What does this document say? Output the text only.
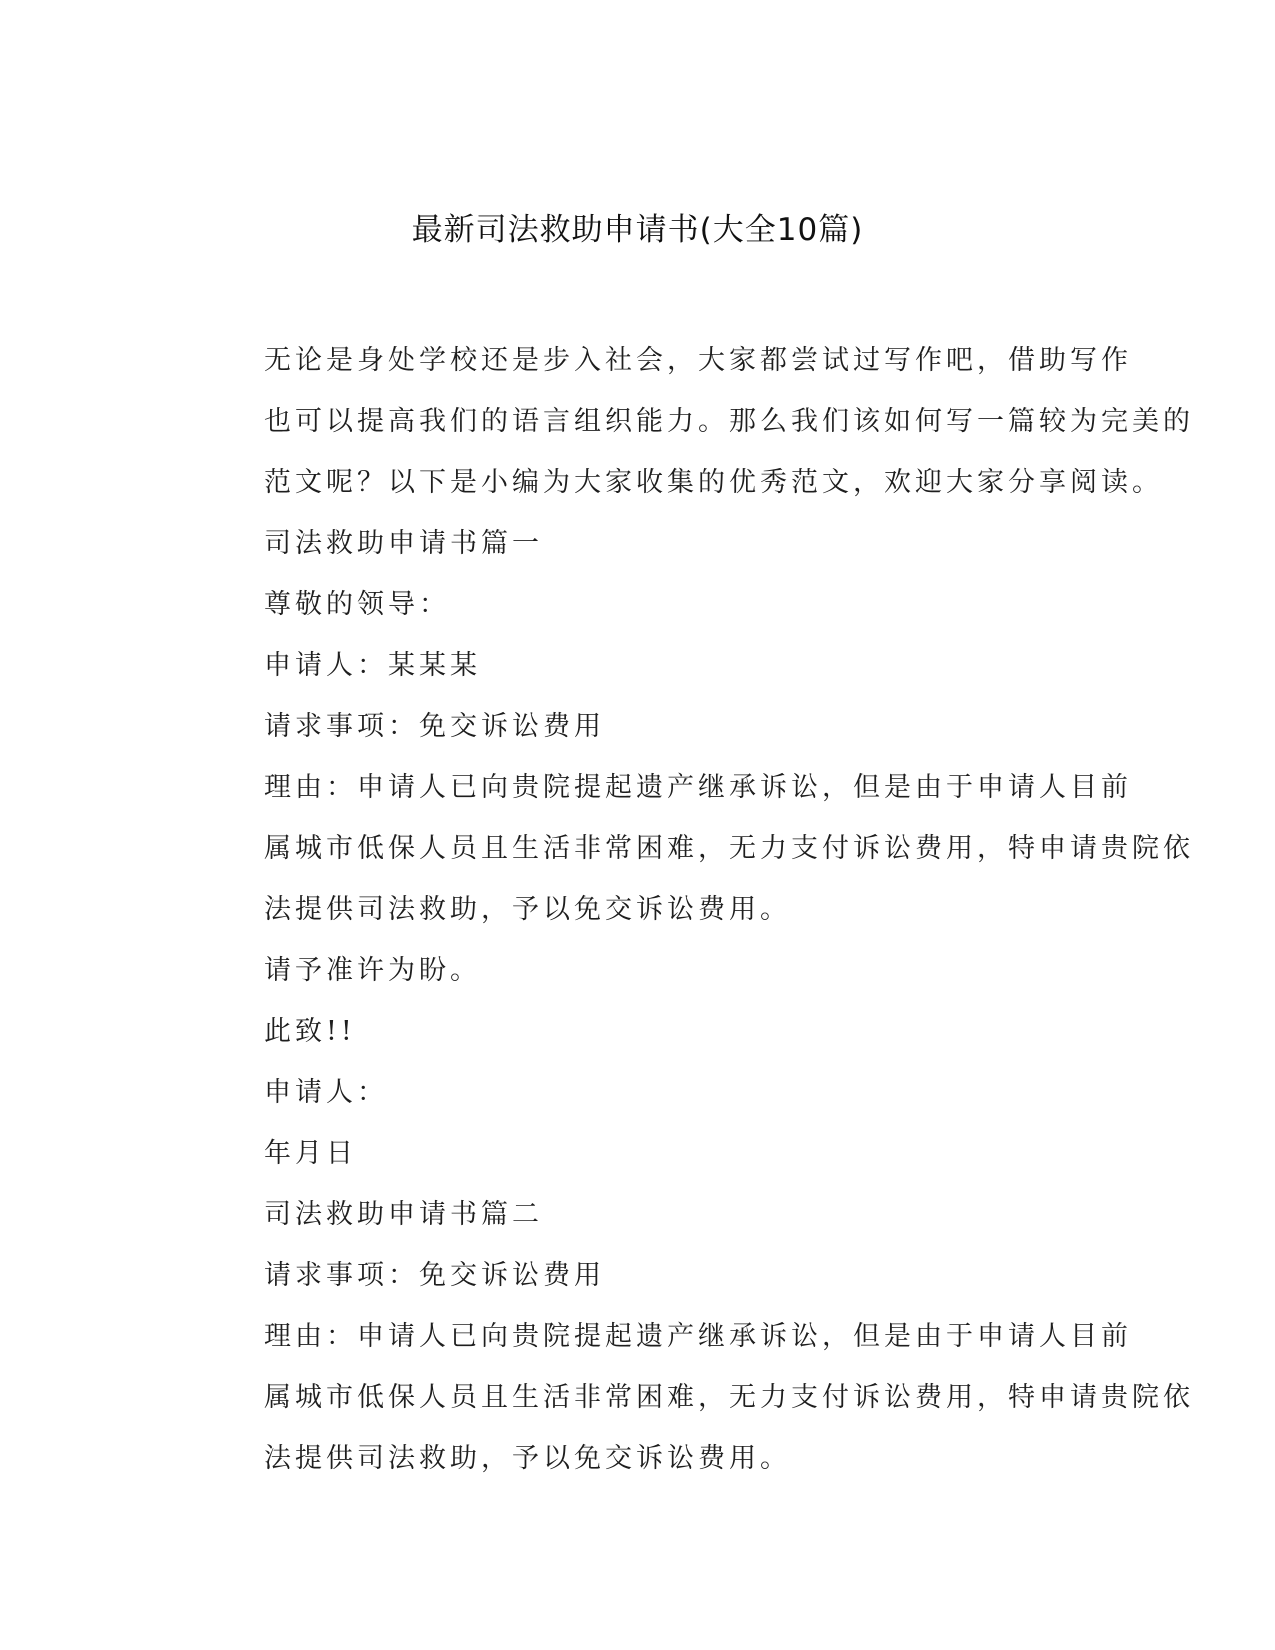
最新司法救助申请书(大全10篇)

无论是身处学校还是步入社会，大家都尝试过写作吧，借助写作
也可以提高我们的语言组织能力。那么我们该如何写一篇较为完美的
范文呢？以下是小编为大家收集的优秀范文，欢迎大家分享阅读。

司法救助申请书篇一

尊敬的领导：

申请人：某某某

请求事项：免交诉讼费用

理由：申请人已向贵院提起遗产继承诉讼，但是由于申请人目前
属城市低保人员且生活非常困难，无力支付诉讼费用，特申请贵院依
法提供司法救助，予以免交诉讼费用。

请予准许为盼。

此致!!

申请人：

年月日

司法救助申请书篇二

请求事项：免交诉讼费用

理由：申请人已向贵院提起遗产继承诉讼，但是由于申请人目前
属城市低保人员且生活非常困难，无力支付诉讼费用，特申请贵院依
法提供司法救助，予以免交诉讼费用。
